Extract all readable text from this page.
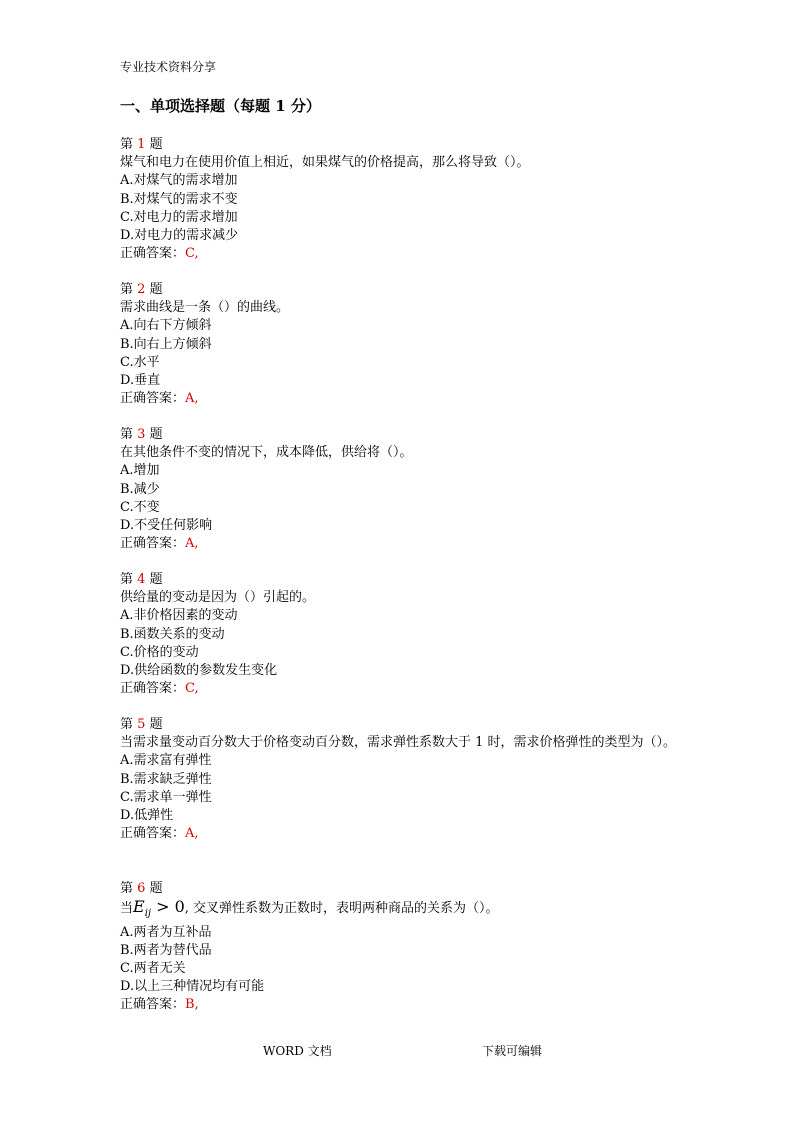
专业技术资料分享
一、单项选择题（每题 1 分）
第 1 题
煤气和电力在使用价值上相近，如果煤气的价格提高，那么将导致（）。
A.对煤气的需求增加
B.对煤气的需求不变
C.对电力的需求增加
D.对电力的需求减少
正确答案：C,
第 2 题
需求曲线是一条（）的曲线。
A.向右下方倾斜
B.向右上方倾斜
C.水平
D.垂直
正确答案：A,
第 3 题
在其他条件不变的情况下，成本降低，供给将（）。
A.增加
B.减少
C.不变
D.不受任何影响
正确答案：A,
第 4 题
供给量的变动是因为（）引起的。
A.非价格因素的变动
B.函数关系的变动
C.价格的变动
D.供给函数的参数发生变化
正确答案：C,
第 5 题
当需求量变动百分数大于价格变动百分数，需求弹性系数大于 1 时，需求价格弹性的类型为（）。
A.需求富有弹性
B.需求缺乏弹性
C.需求单一弹性
D.低弹性
正确答案：A,
第 6 题
当$E_{ij} > 0$, 交叉弹性系数为正数时，表明两种商品的关系为（）。
A.两者为互补品
B.两者为替代品
C.两者无关
D.以上三种情况均有可能
正确答案：B,
WORD 文档	下载可编辑
